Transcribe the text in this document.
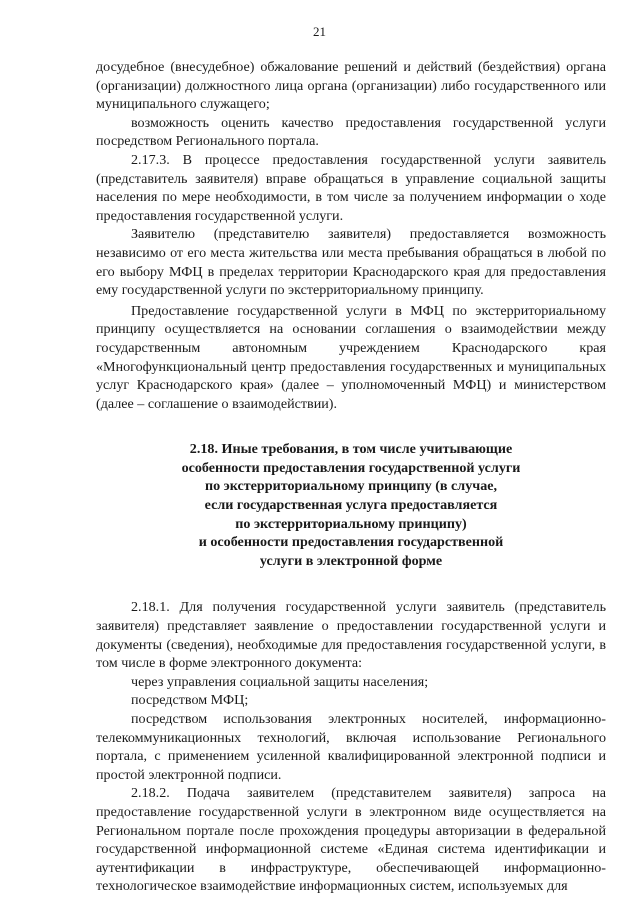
21

досудебное (внесудебное) обжалование решений и действий (бездействия) органа (организации) должностного лица органа (организации) либо государственного или муниципального служащего;

возможность оценить качество предоставления государственной услуги посредством Регионального портала.

2.17.3. В процессе предоставления государственной услуги заявитель (представитель заявителя) вправе обращаться в управление социальной защиты населения по мере необходимости, в том числе за получением информации о ходе предоставления государственной услуги.

Заявителю (представителю заявителя) предоставляется возможность независимо от его места жительства или места пребывания обращаться в любой по его выбору МФЦ в пределах территории Краснодарского края для предоставления ему государственной услуги по экстерриториальному принципу.

Предоставление государственной услуги в МФЦ по экстерриториальному принципу осуществляется на основании соглашения о взаимодействии между государственным автономным учреждением Краснодарского края «Многофункциональный центр предоставления государственных и муниципальных услуг Краснодарского края» (далее – уполномоченный МФЦ) и министерством (далее – соглашение о взаимодействии).

2.18. Иные требования, в том числе учитывающие
особенности предоставления государственной услуги
по экстерриториальному принципу (в случае,
если государственная услуга предоставляется
по экстерриториальному принципу)
и особенности предоставления государственной
услуги в электронной форме

2.18.1. Для получения государственной услуги заявитель (представитель заявителя) представляет заявление о предоставлении государственной услуги и документы (сведения), необходимые для предоставления государственной услуги, в том числе в форме электронного документа:

через управления социальной защиты населения;

посредством МФЦ;

посредством использования электронных носителей, информационно-телекоммуникационных технологий, включая использование Регионального портала, с применением усиленной квалифицированной электронной подписи и простой электронной подписи.

2.18.2. Подача заявителем (представителем заявителя) запроса на предоставление государственной услуги в электронном виде осуществляется на Региональном портале после прохождения процедуры авторизации в федеральной государственной информационной системе «Единая система идентификации и аутентификации в инфраструктуре, обеспечивающей информационно-технологическое взаимодействие информационных систем, используемых для
